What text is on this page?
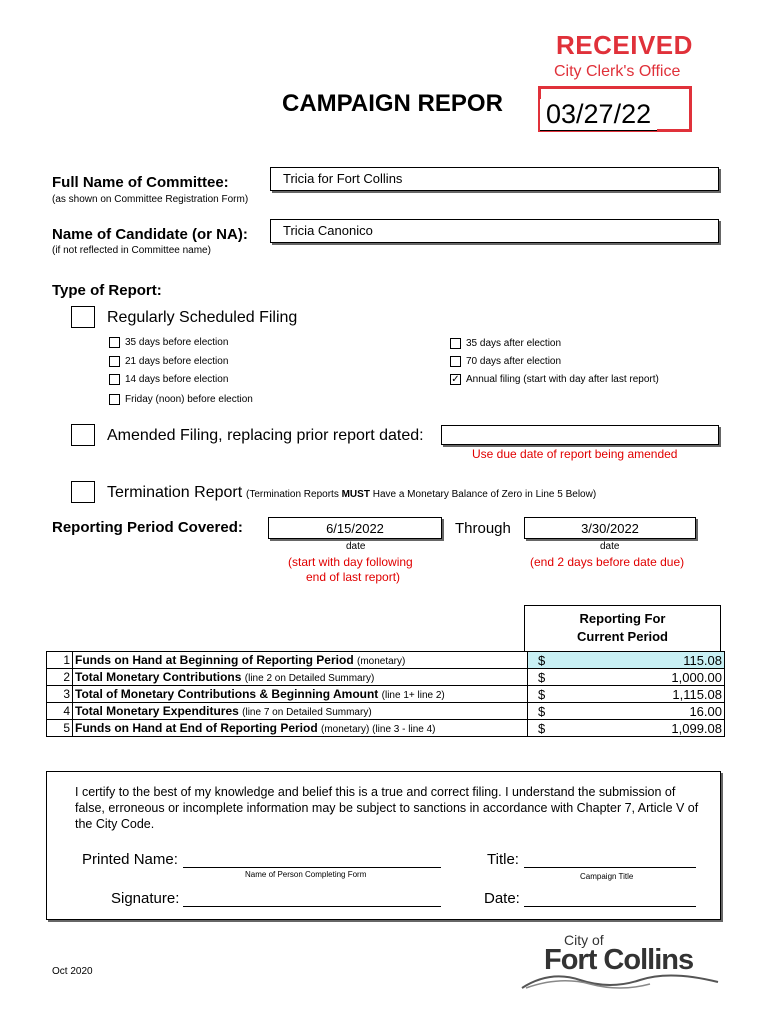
RECEIVED
City Clerk's Office
CAMPAIGN REPOR 03/27/22
Full Name of Committee:
(as shown on Committee Registration Form)
Tricia for Fort Collins
Name of Candidate (or NA):
(if not reflected in Committee name)
Tricia Canonico
Type of Report:
Regularly Scheduled Filing
35 days before election
21 days before election
14 days before election
Friday (noon) before election
35 days after election
70 days after election
✓ Annual filing (start with day after last report)
Amended Filing, replacing prior report dated:
Use due date of report being amended
Termination Report (Termination Reports MUST Have a Monetary Balance of Zero in Line 5 Below)
Reporting Period Covered:	6/15/2022
date
Through	3/30/2022
date
(start with day following
end of last report)
(end 2 days before date due)
Reporting For
Current Period
1	Funds on Hand at Beginning of Reporting Period (monetary)	$ 115.08

2	Total Monetary Contributions (line 2 on Detailed Summary)	$ 1,000.00

3	Total of Monetary Contributions & Beginning Amount (line 1+ line 2)	$ 1,115.08

4	Total Monetary Expenditures (line 7 on Detailed Summary)	$ 16.00

5	Funds on Hand at End of Reporting Period (monetary) (line 3 - line 4)	$ 1,099.08
I certify to the best of my knowledge and belief this is a true and correct filing. I understand the submission of false, erroneous or incomplete information may be subject to sanctions in accordance with Chapter 7, Article V of the City Code.
Printed Name:
Name of Person Completing Form
Title:
Campaign Title
Signature:	Date:
Oct 2020
City of
Fort Collins
